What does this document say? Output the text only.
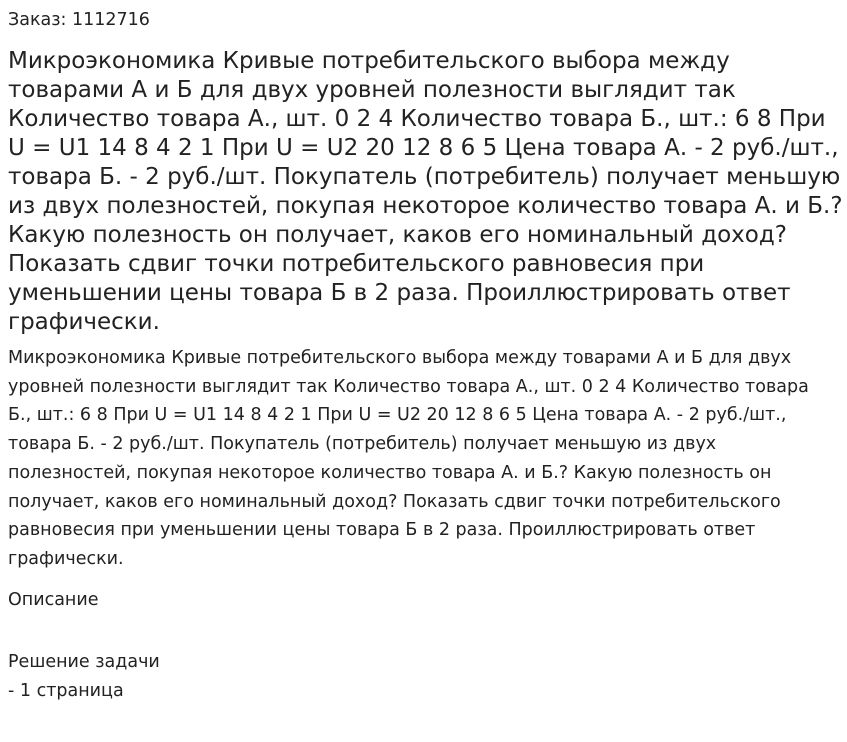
Заказ: 1112716
Микроэкономика Кривые потребительского выбора между товарами А и Б для двух уровней полезности выглядит так Количество товара А., шт. 0 2 4 Количество товара Б., шт.: 6 8 При U = U1 14 8 4 2 1 При U = U2 20 12 8 6 5 Цена товара А. - 2 руб./шт., товара Б. - 2 руб./шт. Покупатель (потребитель) получает меньшую из двух полезностей, покупая некоторое количество товара А. и Б.? Какую полезность он получает, каков его номинальный доход? Показать сдвиг точки потребительского равновесия при уменьшении цены товара Б в 2 раза. Проиллюстрировать ответ графически.

Микроэкономика Кривые потребительского выбора между товарами А и Б для двух уровней полезности выглядит так Количество товара А., шт. 0 2 4 Количество товара Б., шт.: 6 8 При U = U1 14 8 4 2 1 При U = U2 20 12 8 6 5 Цена товара А. - 2 руб./шт., товара Б. - 2 руб./шт. Покупатель (потребитель) получает меньшую из двух полезностей, покупая некоторое количество товара А. и Б.? Какую полезность он получает, каков его номинальный доход? Показать сдвиг точки потребительского равновесия при уменьшении цены товара Б в 2 раза. Проиллюстрировать ответ графически.

Описание
Решение задачи
- 1 страница
